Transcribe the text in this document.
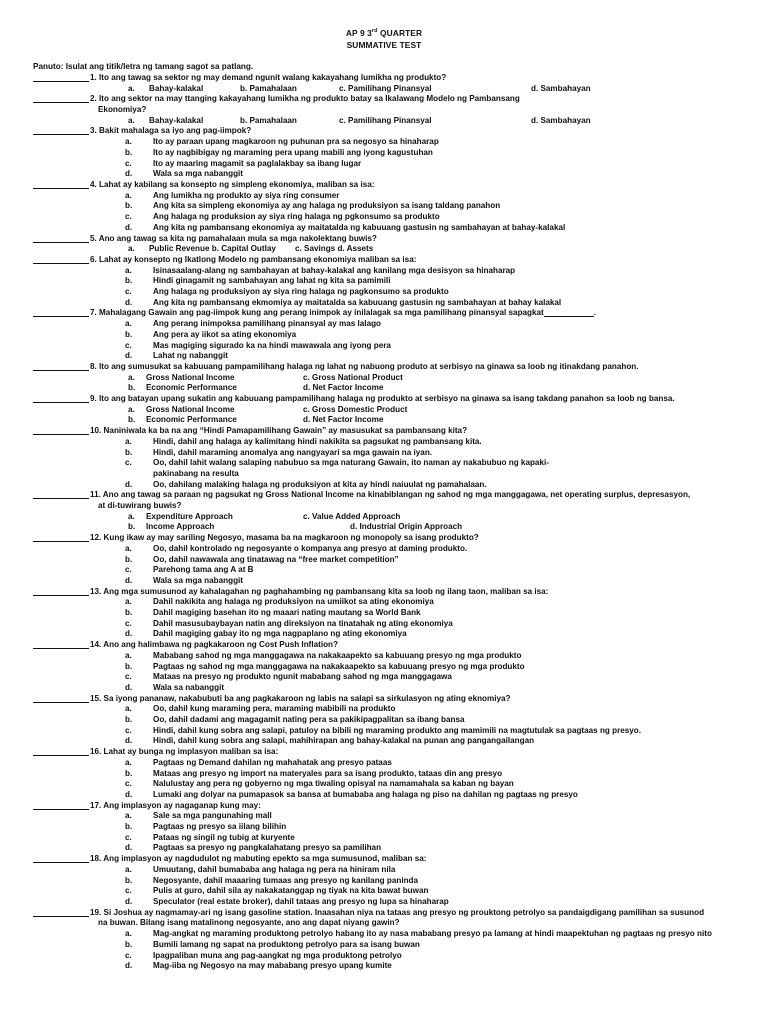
AP 9 3rd QUARTER
SUMMATIVE TEST
Panuto: Isulat ang titik/letra ng tamang sagot sa patlang.
1. Ito ang tawag sa sektor ng may demand ngunit walang kakayahang lumikha ng produkto?
a. Bahay-kalakal	b. Pamahalaan	c. Pamilihang Pinansyal	d. Sambahayan
2. Ito ang sektor na may ttanging kakayahang lumikha ng produkto batay sa Ikalawang Modelo ng Pambansang
Ekonomiya?
a. Bahay-kalakal	b. Pamahalaan	c. Pamilihang Pinansyal	d. Sambahayan
3. Bakit mahalaga sa iyo ang pag-iimpok?
a.	Ito ay paraan upang magkaroon ng puhunan pra sa negosyo sa hinaharap
b.	Ito ay nagbibigay ng maraming pera upang mabili ang iyong kagustuhan
c.	Ito ay maaring magamit sa paglalakbay sa ibang lugar
d.	Wala sa mga nabanggit
4. Lahat ay kabilang sa konsepto ng simpleng ekonomiya, maliban sa isa:
a.	Ang lumikha ng produkto ay siya ring consumer
b.	Ang kita sa simpleng ekonomiya ay ang halaga ng produksiyon sa isang taldang panahon
c.	Ang halaga ng produksion ay siya ring halaga ng pgkonsumo sa produkto
d.	Ang kita ng pambansang ekonomiya ay maitatalda ng kabuuang gastusin ng sambahayan at bahay-kalakal
5. Ano ang tawag sa kita ng pamahalaan mula sa mga nakolektang buwis?
a. Public Revenue b. Capital Outlay c. Savings d. Assets
6. Lahat ay konsepto ng Ikatlong Modelo ng pambansang ekonomiya maliban sa isa:
a.	Isinasaalang-alang ng sambahayan at bahay-kalakal ang kanilang mga desisyon sa hinaharap
b.	Hindi ginagamit ng sambahayan ang lahat ng kita sa pamimili
c.	Ang halaga ng produksiyon ay siya ring halaga ng pagkonsumo sa produkto
d.	Ang kita ng pambansang ekmomiya ay maitatalda sa kabuuang gastusin ng sambahayan at bahay kalakal
7. Mahalagang Gawain ang pag-iimpok kung ang perang inimpok ay inilalagak sa mga pamilihang pinansyal sapagkat	.
a.	Ang perang inimpoksa pamilihang pinansyal ay mas lalago
b.	Ang pera ay iikot sa ating ekonomiya
c.	Mas magiging sigurado ka na hindi mawawala ang iyong pera
d.	Lahat ng nabanggit
8. Ito ang sumusukat sa kabuuang pampamilihang halaga ng lahat ng nabuong produto at serbisyo na ginawa sa loob ng itinakdang panahon.
a. Gross National Income	c. Gross National Product
b. Economic Performance	d. Net Factor Income
9. Ito ang batayan upang sukatin ang kabuuang pampamilihang halaga ng produkto at serbisyo na ginawa sa isang takdang panahon sa loob ng bansa.
a. Gross National Income	c. Gross Domestic Product
b. Economic Performance	d. Net Factor Income
10. Naniniwala ka ba na ang “Hindi Pamapamilihang Gawain” ay masusukat sa pambansang kita?
a.	Hindi, dahil ang halaga ay kalimitang hindi nakikita sa pagsukat ng pambansang kita.
b.	Hindi, dahil maraming anomalya ang nangyayari sa mga gawain na iyan.
c.	Oo, dahil lahit walang salaping nabubuo sa mga naturang Gawain, ito naman ay nakabubuo ng kapaki-
pakinabang na resulta
d.	Oo, dahilang malaking halaga ng produksiyon at kita ay hindi naiuulat ng pamahalaan.
11. Ano ang tawag sa paraan ng pagsukat ng Gross National Income na kinabiblangan ng sahod ng mga manggagawa, net operating surplus, depresasyon,
at di-tuwirang buwis?
a. Expenditure Approach	c. Value Added Approach
b. Income Approach	d. Industrial Origin Approach
12. Kung ikaw ay may sariling Negosyo, masama ba na magkaroon ng monopoly sa isang produkto?
a.	Oo, dahil kontrolado ng negosyante o kompanya ang presyo at daming produkto.
b.	Oo, dahil nawawala ang tinatawag na “free market competition”
c.	Parehong tama ang A at B
d.	Wala sa mga nabanggit
13. Ang mga sumusunod ay kahalagahan ng paghahambing ng pambansang kita sa loob ng ilang taon, maliban sa isa:
a.	Dahil nakikita ang halaga ng produksiyon na umiikot sa ating ekonomiya
b.	Dahil magiging basehan ito ng maaari nating mautang sa World Bank
c.	Dahil masusubaybayan natin ang direksiyon na tinatahak ng ating ekonomiya
d.	Dahil magiging gabay ito ng mga nagpaplano ng ating ekonomiya
14. Ano ang halimbawa ng pagkakaroon ng Cost Push Inflation?
a.	Mababang sahod ng mga manggagawa na nakakaapekto sa kabuuang presyo ng mga produkto
b.	Pagtaas ng sahod ng mga manggagawa na nakakaapekto sa kabuuang presyo ng mga produkto
c.	Mataas na presyo ng produkto ngunit mababang sahod ng mga manggagawa
d.	Wala sa nabanggit
15. Sa iyong pananaw, nakabubuti ba ang pagkakaroon ng labis na salapi sa sirkulasyon ng ating eknomiya?
a.	Oo, dahil kung maraming pera, maraming mabibili na produkto
b.	Oo, dahil dadami ang magagamit nating pera sa pakikipagpalitan sa ibang bansa
c.	Hindi, dahil kung sobra ang salapi, patuloy na bibili ng maraming produkto ang mamimili na magtutulak sa pagtaas ng presyo.
d.	Hindi, dahil kung sobra ang salapi, mahihirapan ang bahay-kalakal na punan ang pangangailangan
16. Lahat ay bunga ng implasyon maliban sa isa:
a.	Pagtaas ng Demand dahilan ng mahahatak ang presyo pataas
b.	Mataas ang presyo ng import na materyales para sa isang produkto, tataas din ang presyo
c.	Nalulustay ang pera ng gobyerno ng mga tiwaling opisyal na namamahala sa kaban ng bayan
d.	Lumaki ang dolyar na pumapasok sa bansa at bumababa ang halaga ng piso na dahilan ng pagtaas ng presyo
17. Ang implasyon ay nagaganap kung may:
a.	Sale sa mga pangunahing mall
b.	Pagtaas ng presyo sa iilang bilihin
c.	Pataas ng singil ng tubig at kuryente
d.	Pagtaas sa presyo ng pangkalahatang presyo sa pamilihan
18. Ang implasyon ay nagdudulot ng mabuting epekto sa mga sumusunod, maliban sa:
a.	Umuutang, dahil bumababa ang halaga ng pera na hiniram nila
b.	Negosyante, dahil maaaring tumaas ang presyo ng kanilang paninda
c.	Pulis at guro, dahil sila ay nakakatanggap ng tiyak na kita bawat buwan
d.	Speculator (real estate broker), dahil tataas ang presyo ng lupa sa hinaharap
19. Si Joshua ay nagmamay-ari ng isang gasoline station. Inaasahan niya na tataas ang presyo ng prouktong petrolyo sa pandaigdigang pamilihan sa susunod
na buwan. Bilang isang matalinong negosyante, ano ang dapat niyang gawin?
a.	Mag-angkat ng maraming produktong petrolyo habang ito ay nasa mababang presyo pa lamang at hindi maapektuhan ng pagtaas ng presyo nito
b.	Bumili lamang ng sapat na produktong petrolyo para sa isang buwan
c.	Ipagpaliban muna ang pag-aangkat ng mga produktong petrolyo
d.	Mag-iiba ng Negosyo na may mababang presyo upang kumite
